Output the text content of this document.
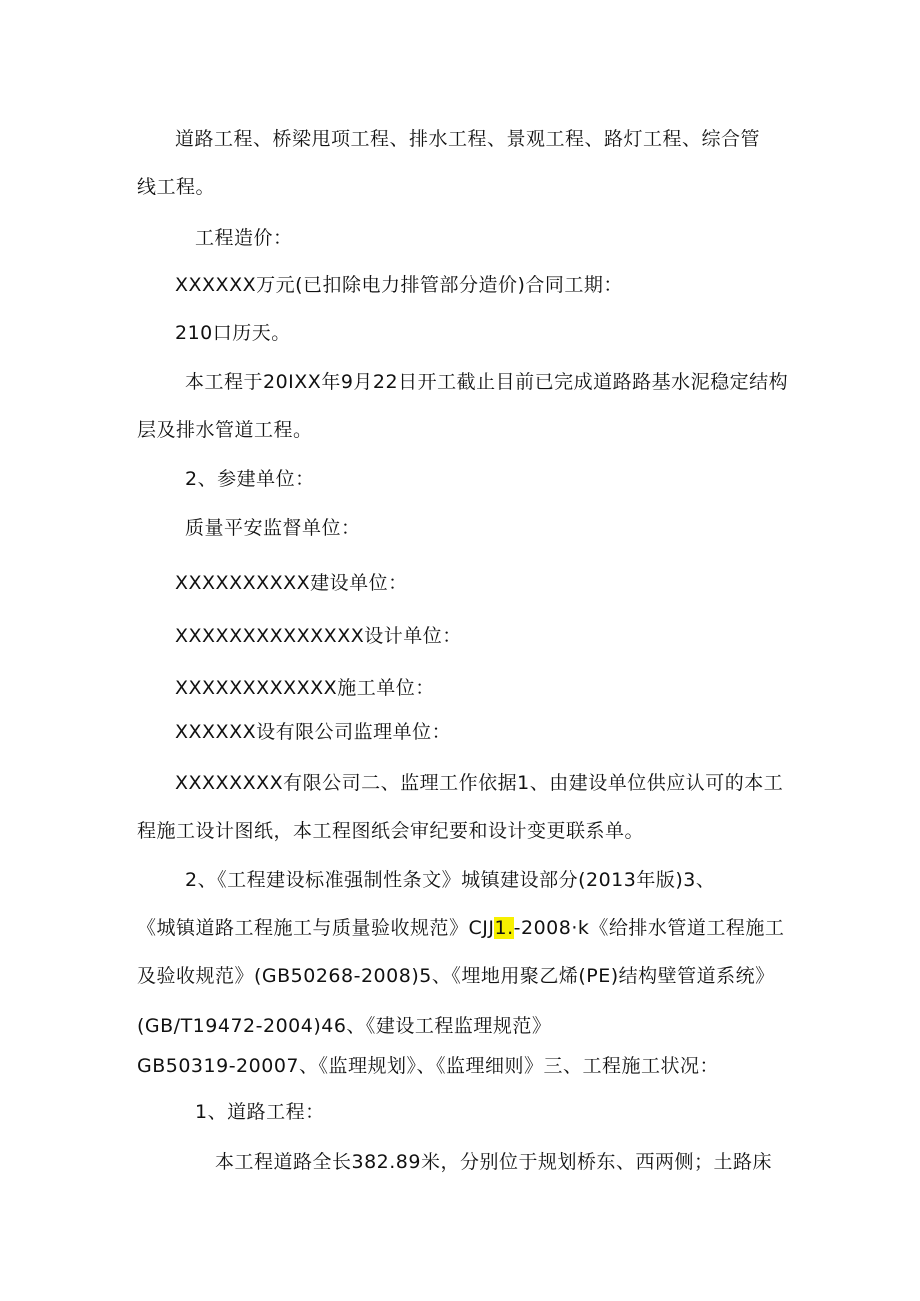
道路工程、桥梁甩项工程、排水工程、景观工程、路灯工程、综合管

线工程。

工程造价：

XXXXXX万元(已扣除电力排管部分造价)合同工期：

210口历天。

本工程于20IXX年9月22日开工截止目前已完成道路路基水泥稳定结构

层及排水管道工程。

2、参建单位：

质量平安监督单位：

XXXXXXXXXX建设单位：

XXXXXXXXXXXXXX设计单位：

XXXXXXXXXXXX施工单位：

XXXXXX设有限公司监理单位：

XXXXXXXX有限公司二、监理工作依据1、由建设单位供应认可的本工

程施工设计图纸，本工程图纸会审纪要和设计变更联系单。

2、《工程建设标准强制性条文》城镇建设部分(2013年版)3、

《城镇道路工程施工与质量验收规范》CJJ1.-2008·k《给排水管道工程施工

及验收规范》(GB50268-2008)5、《埋地用聚乙烯(PE)结构壁管道系统》

(GB/T19472-2004)46、《建设工程监理规范》

GB50319-20007、《监理规划》、《监理细则》三、工程施工状况：

1、道路工程：

本工程道路全长382.89米，分别位于规划桥东、西两侧；土路床
